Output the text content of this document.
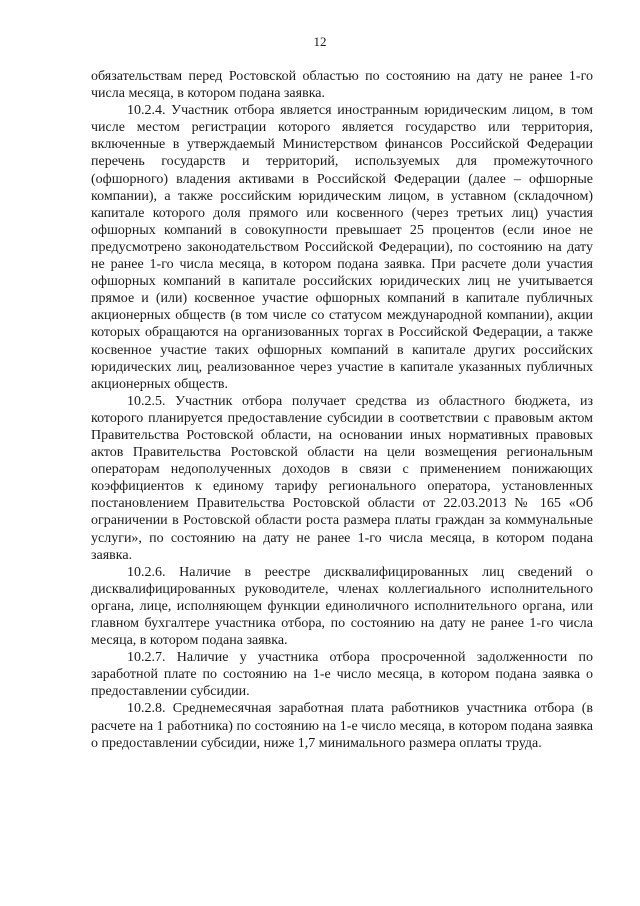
12

обязательствам перед Ростовской областью по состоянию на дату не ранее 1-го числа месяца, в котором подана заявка.

10.2.4. Участник отбора является иностранным юридическим лицом, в том числе местом регистрации которого является государство или территория, включенные в утверждаемый Министерством финансов Российской Федерации перечень государств и территорий, используемых для промежуточного (офшорного) владения активами в Российской Федерации (далее – офшорные компании), а также российским юридическим лицом, в уставном (складочном) капитале которого доля прямого или косвенного (через третьих лиц) участия офшорных компаний в совокупности превышает 25 процентов (если иное не предусмотрено законодательством Российской Федерации), по состоянию на дату не ранее 1-го числа месяца, в котором подана заявка. При расчете доли участия офшорных компаний в капитале российских юридических лиц не учитывается прямое и (или) косвенное участие офшорных компаний в капитале публичных акционерных обществ (в том числе со статусом международной компании), акции которых обращаются на организованных торгах в Российской Федерации, а также косвенное участие таких офшорных компаний в капитале других российских юридических лиц, реализованное через участие в капитале указанных публичных акционерных обществ.

10.2.5. Участник отбора получает средства из областного бюджета, из которого планируется предоставление субсидии в соответствии с правовым актом Правительства Ростовской области, на основании иных нормативных правовых актов Правительства Ростовской области на цели возмещения региональным операторам недополученных доходов в связи с применением понижающих коэффициентов к единому тарифу регионального оператора, установленных постановлением Правительства Ростовской области от 22.03.2013 № 165 «Об ограничении в Ростовской области роста размера платы граждан за коммунальные услуги», по состоянию на дату не ранее 1-го числа месяца, в котором подана заявка.

10.2.6. Наличие в реестре дисквалифицированных лиц сведений о дисквалифицированных руководителе, членах коллегиального исполнительного органа, лице, исполняющем функции единоличного исполнительного органа, или главном бухгалтере участника отбора, по состоянию на дату не ранее 1-го числа месяца, в котором подана заявка.

10.2.7. Наличие у участника отбора просроченной задолженности по заработной плате по состоянию на 1-е число месяца, в котором подана заявка о предоставлении субсидии.

10.2.8. Среднемесячная заработная плата работников участника отбора (в расчете на 1 работника) по состоянию на 1-е число месяца, в котором подана заявка о предоставлении субсидии, ниже 1,7 минимального размера оплаты труда.
